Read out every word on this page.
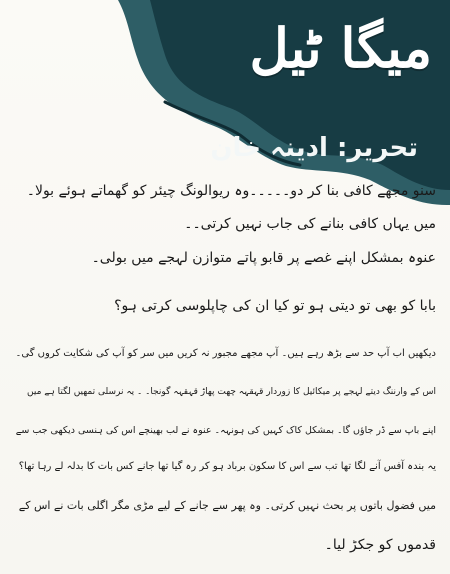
میگا ٹیل
تحریر: ادینہ خان
سنو مجھے کافی بنا کر دو۔۔۔۔۔وہ ریوالونگ چیئر کو گھماتے ہوئے بولا۔
میں یہاں کافی بنانے کی جاب نہیں کرتی۔۔
عنوہ بمشکل اپنے غصے پر قابو پاتے متوازن لہجے میں بولی۔
بابا کو بھی تو دیتی ہو تو کیا ان کی چاپلوسی کرتی ہو؟
دیکھیں اب آپ حد سے بڑھ رہے ہیں۔ آپ مجھے مجبور نہ کریں میں سر کو آپ کی شکایت کروں گی۔
اس کے وارننگ دیتے لہجے پر میکائیل کا زوردار قہقہہ چھت پھاڑ قہقہہ گونجا۔ ۔ یہ نرسلی تمھیں لگتا ہے میں
اپنے باپ سے ڈر جاؤں گا۔ بمشکل کاک کہیں کی ہونہہ۔ عنوہ نے لب بھینچے اس کی ہنسی دیکھی جب سے
یہ بندہ آفس آنے لگا تھا تب سے اس کا سکون برباد ہو کر رہ گیا تھا جانے کس بات کا بدلہ لے رہا تھا؟
میں فضول باتوں پر بحث نہیں کرتی۔ وہ پھر سے جانے کے لیے مڑی مگر اگلی بات نے اس کے
قدموں کو جکڑ لیا۔
